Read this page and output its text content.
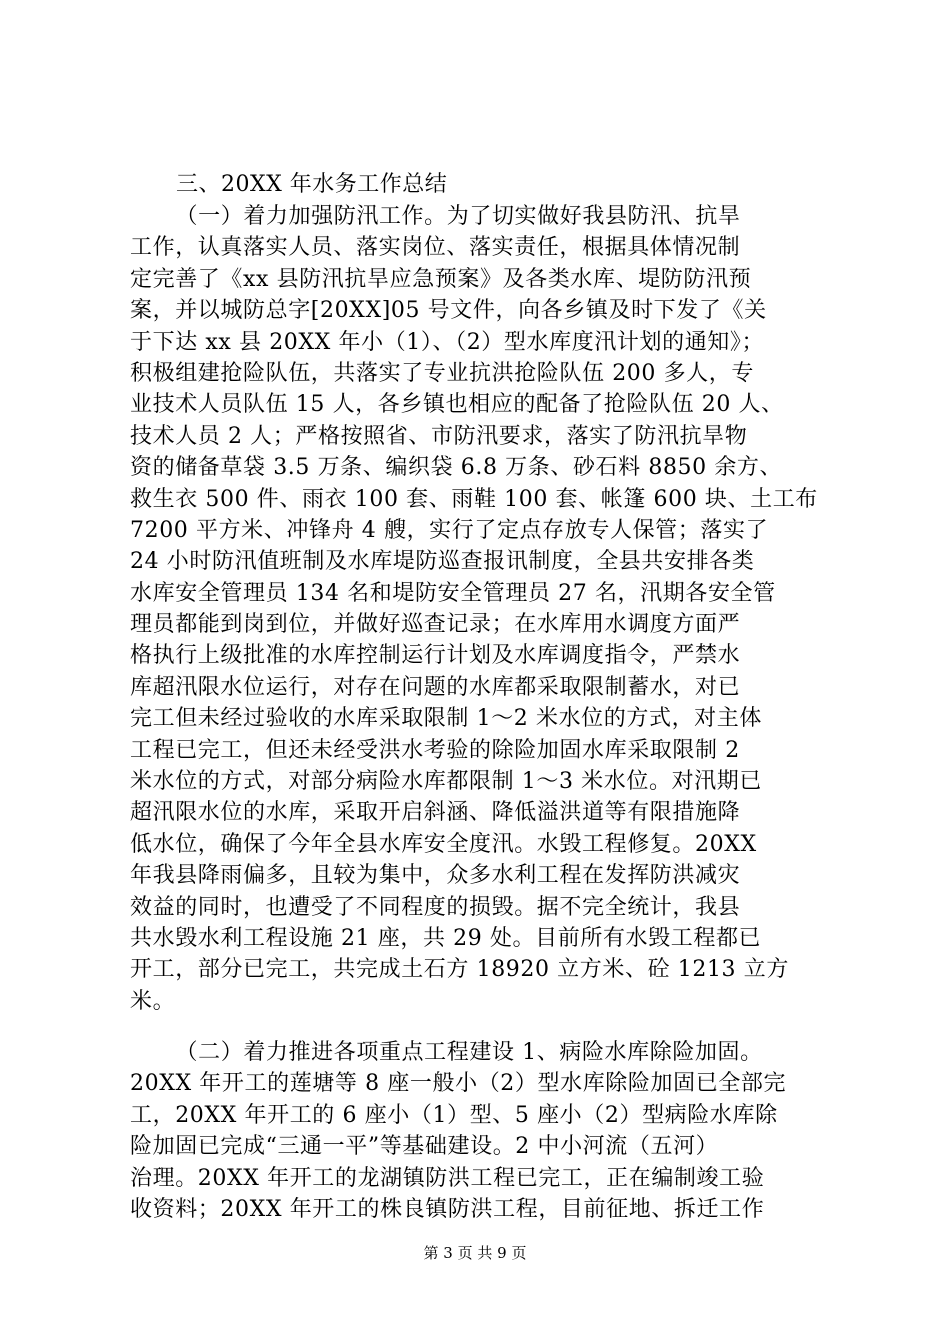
三、20XX 年水务工作总结
（一）着力加强防汛工作。为了切实做好我县防汛、抗旱
工作，认真落实人员、落实岗位、落实责任，根据具体情况制
定完善了《xx 县防汛抗旱应急预案》及各类水库、堤防防汛预
案，并以城防总字[20XX]05 号文件，向各乡镇及时下发了《关
于下达 xx 县 20XX 年小（1）、（2）型水库度汛计划的通知》；
积极组建抢险队伍，共落实了专业抗洪抢险队伍 200 多人，专
业技术人员队伍 15 人，各乡镇也相应的配备了抢险队伍 20 人、
技术人员 2 人；严格按照省、市防汛要求，落实了防汛抗旱物
资的储备草袋 3.5 万条、编织袋 6.8 万条、砂石料 8850 余方、
救生衣 500 件、雨衣 100 套、雨鞋 100 套、帐篷 600 块、土工布
7200 平方米、冲锋舟 4 艘，实行了定点存放专人保管；落实了
24 小时防汛值班制及水库堤防巡查报讯制度，全县共安排各类
水库安全管理员 134 名和堤防安全管理员 27 名，汛期各安全管
理员都能到岗到位，并做好巡查记录；在水库用水调度方面严
格执行上级批准的水库控制运行计划及水库调度指令，严禁水
库超汛限水位运行，对存在问题的水库都采取限制蓄水，对已
完工但未经过验收的水库采取限制 1～2 米水位的方式，对主体
工程已完工，但还未经受洪水考验的除险加固水库采取限制 2
米水位的方式，对部分病险水库都限制 1～3 米水位。对汛期已
超汛限水位的水库，采取开启斜涵、降低溢洪道等有限措施降
低水位，确保了今年全县水库安全度汛。水毁工程修复。20XX
年我县降雨偏多，且较为集中，众多水利工程在发挥防洪减灾
效益的同时，也遭受了不同程度的损毁。据不完全统计，我县
共水毁水利工程设施 21 座，共 29 处。目前所有水毁工程都已
开工，部分已完工，共完成土石方 18920 立方米、砼 1213 立方
米。
（二）着力推进各项重点工程建设 1、病险水库除险加固。
20XX 年开工的莲塘等 8 座一般小（2）型水库除险加固已全部完
工，20XX 年开工的 6 座小（1）型、5 座小（2）型病险水库除
险加固已完成“三通一平”等基础建设。2 中小河流（五河）
治理。20XX 年开工的龙湖镇防洪工程已完工，正在编制竣工验
收资料；20XX 年开工的株良镇防洪工程，目前征地、拆迁工作
第 3 页 共 9 页
